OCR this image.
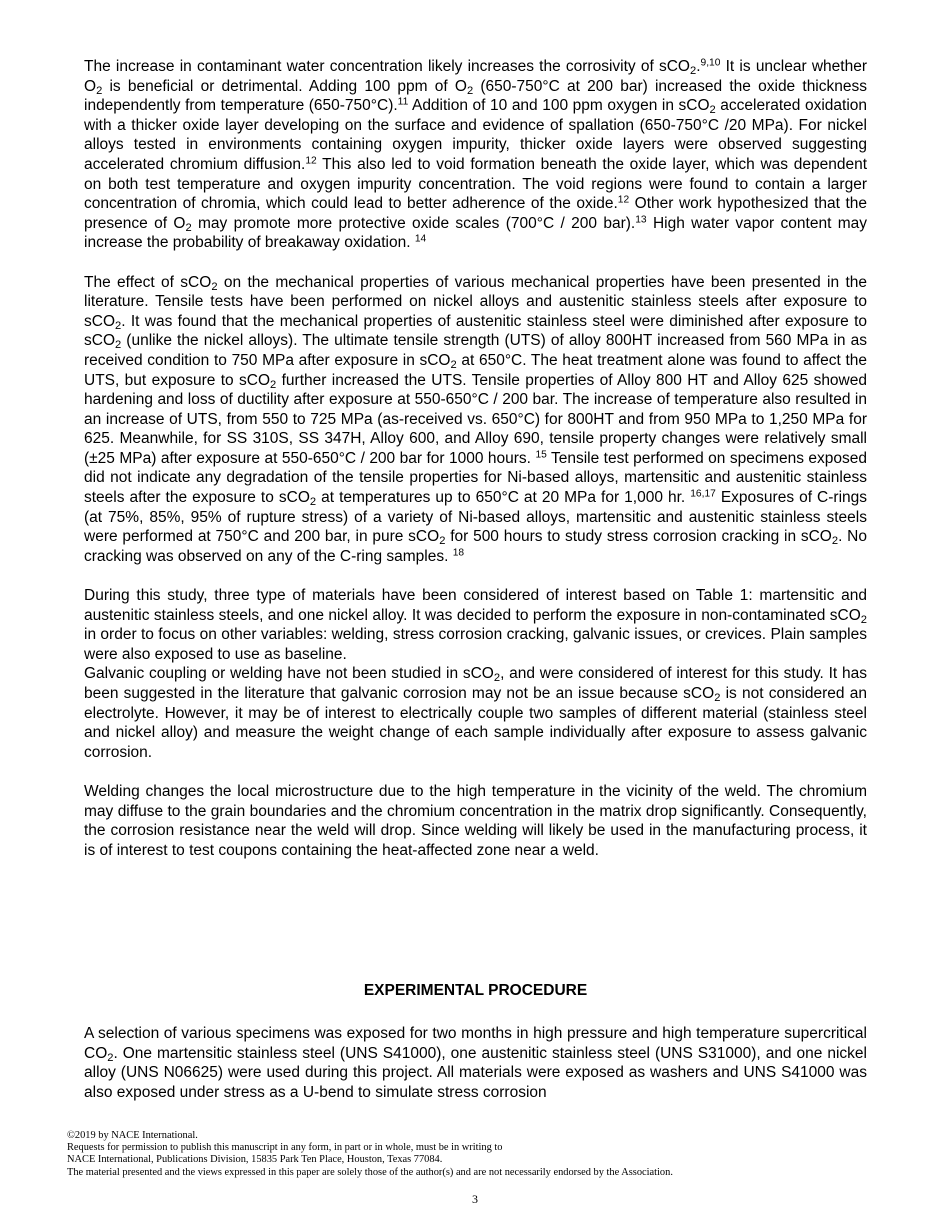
The increase in contaminant water concentration likely increases the corrosivity of sCO$_2$.$^{9,10}$ It is unclear whether $O_2$ is beneficial or detrimental. Adding 100 ppm of $O_2$ (650-750°C at 200 bar) increased the oxide thickness independently from temperature (650-750°C).$^{11}$ Addition of 10 and 100 ppm oxygen in sCO$_2$ accelerated oxidation with a thicker oxide layer developing on the surface and evidence of spallation (650-750°C /20 MPa). For nickel alloys tested in environments containing oxygen impurity, thicker oxide layers were observed suggesting accelerated chromium diffusion.$^{12}$ This also led to void formation beneath the oxide layer, which was dependent on both test temperature and oxygen impurity concentration. The void regions were found to contain a larger concentration of chromia, which could lead to better adherence of the oxide.$^{12}$ Other work hypothesized that the presence of $O_2$ may promote more protective oxide scales (700°C / 200 bar).$^{13}$ High water vapor content may increase the probability of breakaway oxidation. $^{14}$

The effect of sCO$_2$ on the mechanical properties of various mechanical properties have been presented in the literature. Tensile tests have been performed on nickel alloys and austenitic stainless steels after exposure to sCO$_2$. It was found that the mechanical properties of austenitic stainless steel were diminished after exposure to sCO$_2$ (unlike the nickel alloys). The ultimate tensile strength (UTS) of alloy 800HT increased from 560 MPa in as received condition to 750 MPa after exposure in sCO$_2$ at 650°C. The heat treatment alone was found to affect the UTS, but exposure to sCO$_2$ further increased the UTS. Tensile properties of Alloy 800 HT and Alloy 625 showed hardening and loss of ductility after exposure at 550-650°C / 200 bar. The increase of temperature also resulted in an increase of UTS, from 550 to 725 MPa (as-received vs. 650°C) for 800HT and from 950 MPa to 1,250 MPa for 625. Meanwhile, for SS 310S, SS 347H, Alloy 600, and Alloy 690, tensile property changes were relatively small (±25 MPa) after exposure at 550-650°C / 200 bar for 1000 hours. $^{15}$ Tensile test performed on specimens exposed did not indicate any degradation of the tensile properties for Ni-based alloys, martensitic and austenitic stainless steels after the exposure to sCO$_2$ at temperatures up to 650°C at 20 MPa for 1,000 hr. $^{16,17}$ Exposures of C-rings (at 75%, 85%, 95% of rupture stress) of a variety of Ni-based alloys, martensitic and austenitic stainless steels were performed at 750°C and 200 bar, in pure sCO$_2$ for 500 hours to study stress corrosion cracking in sCO$_2$. No cracking was observed on any of the C-ring samples. $^{18}$

During this study, three type of materials have been considered of interest based on Table 1: martensitic and austenitic stainless steels, and one nickel alloy. It was decided to perform the exposure in non-contaminated sCO$_2$ in order to focus on other variables: welding, stress corrosion cracking, galvanic issues, or crevices. Plain samples were also exposed to use as baseline.

Galvanic coupling or welding have not been studied in sCO$_2$, and were considered of interest for this study. It has been suggested in the literature that galvanic corrosion may not be an issue because sCO$_2$ is not considered an electrolyte. However, it may be of interest to electrically couple two samples of different material (stainless steel and nickel alloy) and measure the weight change of each sample individually after exposure to assess galvanic corrosion.

Welding changes the local microstructure due to the high temperature in the vicinity of the weld. The chromium may diffuse to the grain boundaries and the chromium concentration in the matrix drop significantly. Consequently, the corrosion resistance near the weld will drop. Since welding will likely be used in the manufacturing process, it is of interest to test coupons containing the heat-affected zone near a weld.

EXPERIMENTAL PROCEDURE

A selection of various specimens was exposed for two months in high pressure and high temperature supercritical $CO_2$. One martensitic stainless steel (UNS S41000), one austenitic stainless steel (UNS S31000), and one nickel alloy (UNS N06625) were used during this project. All materials were exposed as washers and UNS S41000 was also exposed under stress as a U-bend to simulate stress corrosion

©2019 by NACE International.

Requests for permission to publish this manuscript in any form, in part or in whole, must be in writing to

NACE International, Publications Division, 15835 Park Ten Place, Houston, Texas 77084.

The material presented and the views expressed in this paper are solely those of the author(s) and are not necessarily endorsed by the Association.

3
